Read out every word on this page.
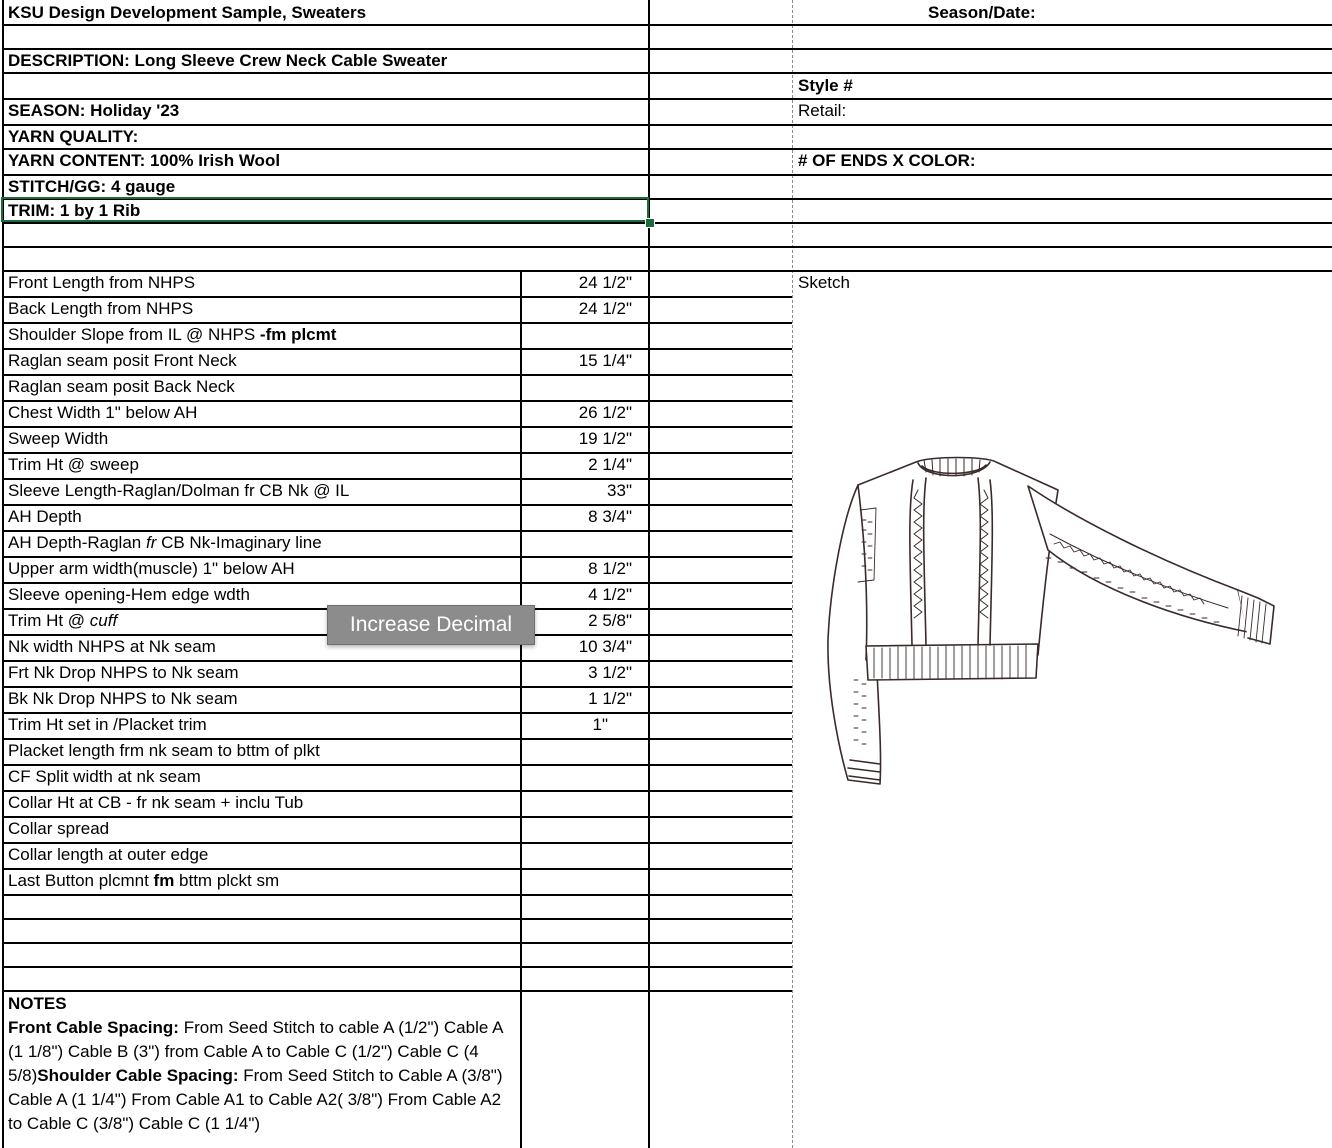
KSU Design Development Sample, Sweaters	Season/Date:
DESCRIPTION: Long Sleeve Crew Neck Cable Sweater
Style #
SEASON: Holiday '23	Retail:
YARN QUALITY:
YARN CONTENT: 100% Irish Wool	# OF ENDS X COLOR:
STITCH/GG: 4 gauge
TRIM: 1 by 1 Rib
Sketch
Front Length from NHPS	24 1/2"
Back Length from NHPS	24 1/2"
Shoulder Slope from IL @ NHPS -fm plcmt
Raglan seam posit Front Neck	15 1/4"
Raglan seam posit Back Neck
Chest Width 1" below AH	26 1/2"
Sweep Width	19 1/2"
Trim Ht @ sweep	2 1/4"
Sleeve Length-Raglan/Dolman fr CB Nk @ IL	33"
AH Depth	8 3/4"
AH Depth-Raglan fr CB Nk-Imaginary line
Upper arm width(muscle) 1" below AH	8 1/2"
Sleeve opening-Hem edge wdth	4 1/2"
Trim Ht @ cuff	2 5/8"
Nk width NHPS at Nk seam	10 3/4"
Frt Nk Drop NHPS to Nk seam	3 1/2"
Bk Nk Drop NHPS to Nk seam	1 1/2"
Trim Ht set in /Placket trim	1"
Placket length frm nk seam to bttm of plkt
CF Split width at nk seam
Collar Ht at CB - fr nk seam + inclu Tub
Collar spread
Collar length at outer edge
Last Button plcmnt fm bttm plckt sm

NOTES

Front Cable Spacing: From Seed Stitch to cable A (1/2") Cable A (1 1/8") Cable B (3") from Cable A to Cable C (1/2") Cable C (4 5/8)Shoulder Cable Spacing: From Seed Stitch to Cable A (3/8") Cable A (1 1/4") From Cable A1 to Cable A2( 3/8") From Cable A2 to Cable C (3/8") Cable C (1 1/4")

Increase Decimal
